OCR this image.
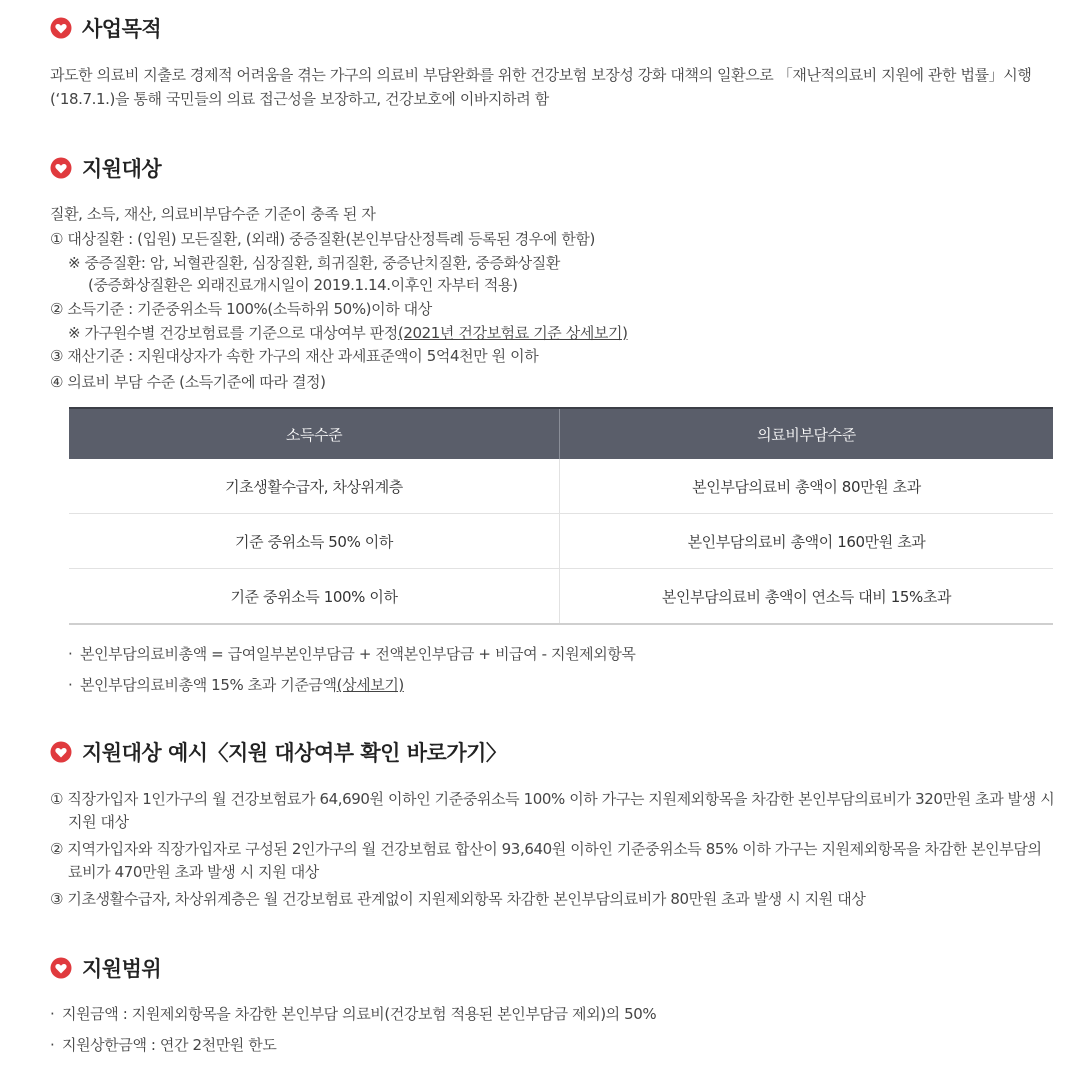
사업목적
과도한 의료비 지출로 경제적 어려움을 겪는 가구의 의료비 부담완화를 위한 건강보험 보장성 강화 대책의 일환으로 「재난적의료비 지원에 관한 법률」시행(‘18.7.1.)을 통해 국민들의 의료 접근성을 보장하고, 건강보호에 이바지하려 함
지원대상
질환, 소득, 재산, 의료비부담수준 기준이 충족 된 자
① 대상질환 : (입원) 모든질환, (외래) 중증질환(본인부담산정특례 등록된 경우에 한함)
※ 중증질환: 암, 뇌혈관질환, 심장질환, 희귀질환, 중증난치질환, 중증화상질환
(중증화상질환은 외래진료개시일이 2019.1.14.이후인 자부터 적용)
② 소득기준 : 기준중위소득 100%(소득하위 50%)이하 대상
※ 가구원수별 건강보험료를 기준으로 대상여부 판정(2021년 건강보험료 기준 상세보기)
③ 재산기준 : 지원대상자가 속한 가구의 재산 과세표준액이 5억4천만 원 이하
④ 의료비 부담 수준 (소득기준에 따라 결정)
소득수준	의료비부담수준
기초생활수급자, 차상위계층	본인부담의료비 총액이 80만원 초과
기준 중위소득 50% 이하	본인부담의료비 총액이 160만원 초과
기준 중위소득 100% 이하	본인부담의료비 총액이 연소득 대비 15%초과
· 본인부담의료비총액 = 급여일부본인부담금 + 전액본인부담금 + 비급여 - 지원제외항목
· 본인부담의료비총액 15% 초과 기준금액(상세보기)
지원대상 예시〈지원 대상여부 확인 바로가기〉
① 직장가입자 1인가구의 월 건강보험료가 64,690원 이하인 기준중위소득 100% 이하 가구는 지원제외항목을 차감한 본인부담의료비가 320만원 초과 발생 시 지원 대상
② 지역가입자와 직장가입자로 구성된 2인가구의 월 건강보험료 합산이 93,640원 이하인 기준중위소득 85% 이하 가구는 지원제외항목을 차감한 본인부담의료비가 470만원 초과 발생 시 지원 대상
③ 기초생활수급자, 차상위계층은 월 건강보험료 관계없이 지원제외항목 차감한 본인부담의료비가 80만원 초과 발생 시 지원 대상
지원범위
· 지원금액 : 지원제외항목을 차감한 본인부담 의료비(건강보험 적용된 본인부담금 제외)의 50%
· 지원상한금액 : 연간 2천만원 한도
